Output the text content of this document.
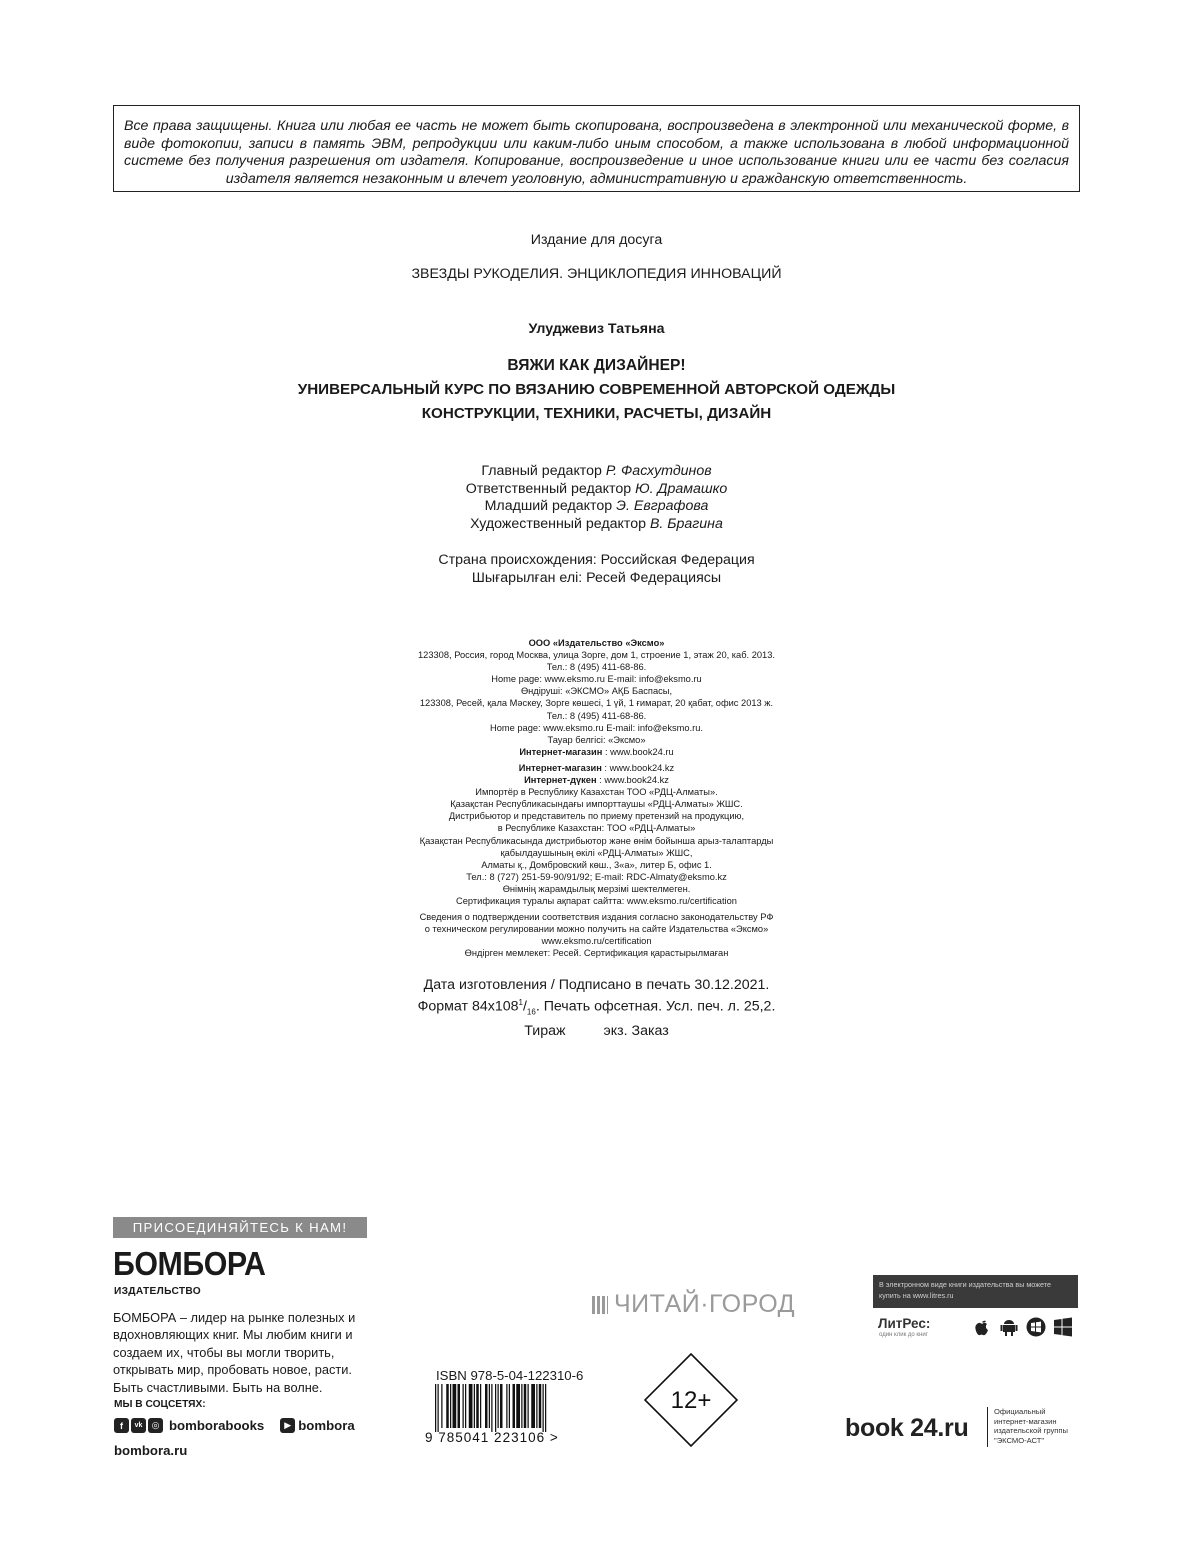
Все права защищены. Книга или любая ее часть не может быть скопирована, воспроизведена в электронной или механической форме, в виде фотокопии, записи в память ЭВМ, репродукции или каким-либо иным способом, а также использована в любой информационной системе без получения разрешения от издателя. Копирование, воспроизведение и иное использование книги или ее части без согласия издателя является незаконным и влечет уголовную, административную и гражданскую ответственность.
Издание для досуга
ЗВЕЗДЫ РУКОДЕЛИЯ. ЭНЦИКЛОПЕДИЯ ИННОВАЦИЙ
Улуджевиз Татьяна
ВЯЖИ КАК ДИЗАЙНЕР!
УНИВЕРСАЛЬНЫЙ КУРС ПО ВЯЗАНИЮ СОВРЕМЕННОЙ АВТОРСКОЙ ОДЕЖДЫ
КОНСТРУКЦИИ, ТЕХНИКИ, РАСЧЕТЫ, ДИЗАЙН
Главный редактор Р. Фасхутдинов
Ответственный редактор Ю. Драмашко
Младший редактор Э. Евграфова
Художественный редактор В. Брагина
Страна происхождения: Российская Федерация
Шығарылған елі: Ресей Федерациясы
ООО «Издательство «Эксмо»
123308, Россия, город Москва, улица Зорге, дом 1, строение 1, этаж 20, каб. 2013.
Тел.: 8 (495) 411-68-86.
Home page: www.eksmo.ru E-mail: info@eksmo.ru
Өндіруші: «ЭКСМО» АҚБ Баспасы,
123308, Ресей, қала Мәскеу, Зорге көшесі, 1 үй, 1 ғимарат, 20 қабат, офис 2013 ж.
Тел.: 8 (495) 411-68-86.
Home page: www.eksmo.ru E-mail: info@eksmo.ru.
Тауар белгісі: «Эксмо»
Интернет-магазин : www.book24.ru
Интернет-магазин : www.book24.kz
Интернет-дүкен : www.book24.kz
Импортёр в Республику Казахстан ТОО «РДЦ-Алматы».
Қазақстан Республикасындағы импорттаушы «РДЦ-Алматы» ЖШС.
Дистрибьютор и представитель по приему претензий на продукцию,
в Республике Казахстан: ТОО «РДЦ-Алматы»
Қазақстан Республикасында дистрибьютор және өнім бойынша арыз-талаптарды
қабылдаушының өкілі «РДЦ-Алматы» ЖШС,
Алматы қ., Домбровский көш., 3«а», литер Б, офис 1.
Тел.: 8 (727) 251-59-90/91/92; E-mail: RDC-Almaty@eksmo.kz
Өнімнің жарамдылық мерзімі шектелмеген.
Сертификация туралы ақпарат сайтта: www.eksmo.ru/certification
Сведения о подтверждении соответствия издания согласно законодательству РФ
о техническом регулировании можно получить на сайте Издательства «Эксмо»
www.eksmo.ru/certification
Өндірген мемлекет: Ресей. Сертификация қарастырылмаған
Дата изготовления / Подписано в печать 30.12.2021.
Формат $84x108^1/_{16}$. Печать офсетная. Усл. печ. л. 25,2.
Тираж	экз. Заказ
ПРИСОЕДИНЯЙТЕСЬ К НАМ!
БОМБОРА
ИЗДАТЕЛЬСТВО
БОМБОРА – лидер на рынке полезных и вдохновляющих книг. Мы любим книги и создаем их, чтобы вы могли творить, открывать мир, пробовать новое, расти. Быть счастливыми. Быть на волне.
МЫ В СОЦСЕТЯХ:
f	vk	◎ bomborabooks	▶ bombora
bombora.ru
ISBN 978-5-04-122310-6
9 785041 223106 >
12+
ЧИТАЙ·ГОРОД
В электронном виде книги издательства вы можете купить на www.litres.ru
ЛитРес:
один клик до книг
book 24.ru
Официальный
интернет-магазин
издательской группы
"ЭКСМО-АСТ"
